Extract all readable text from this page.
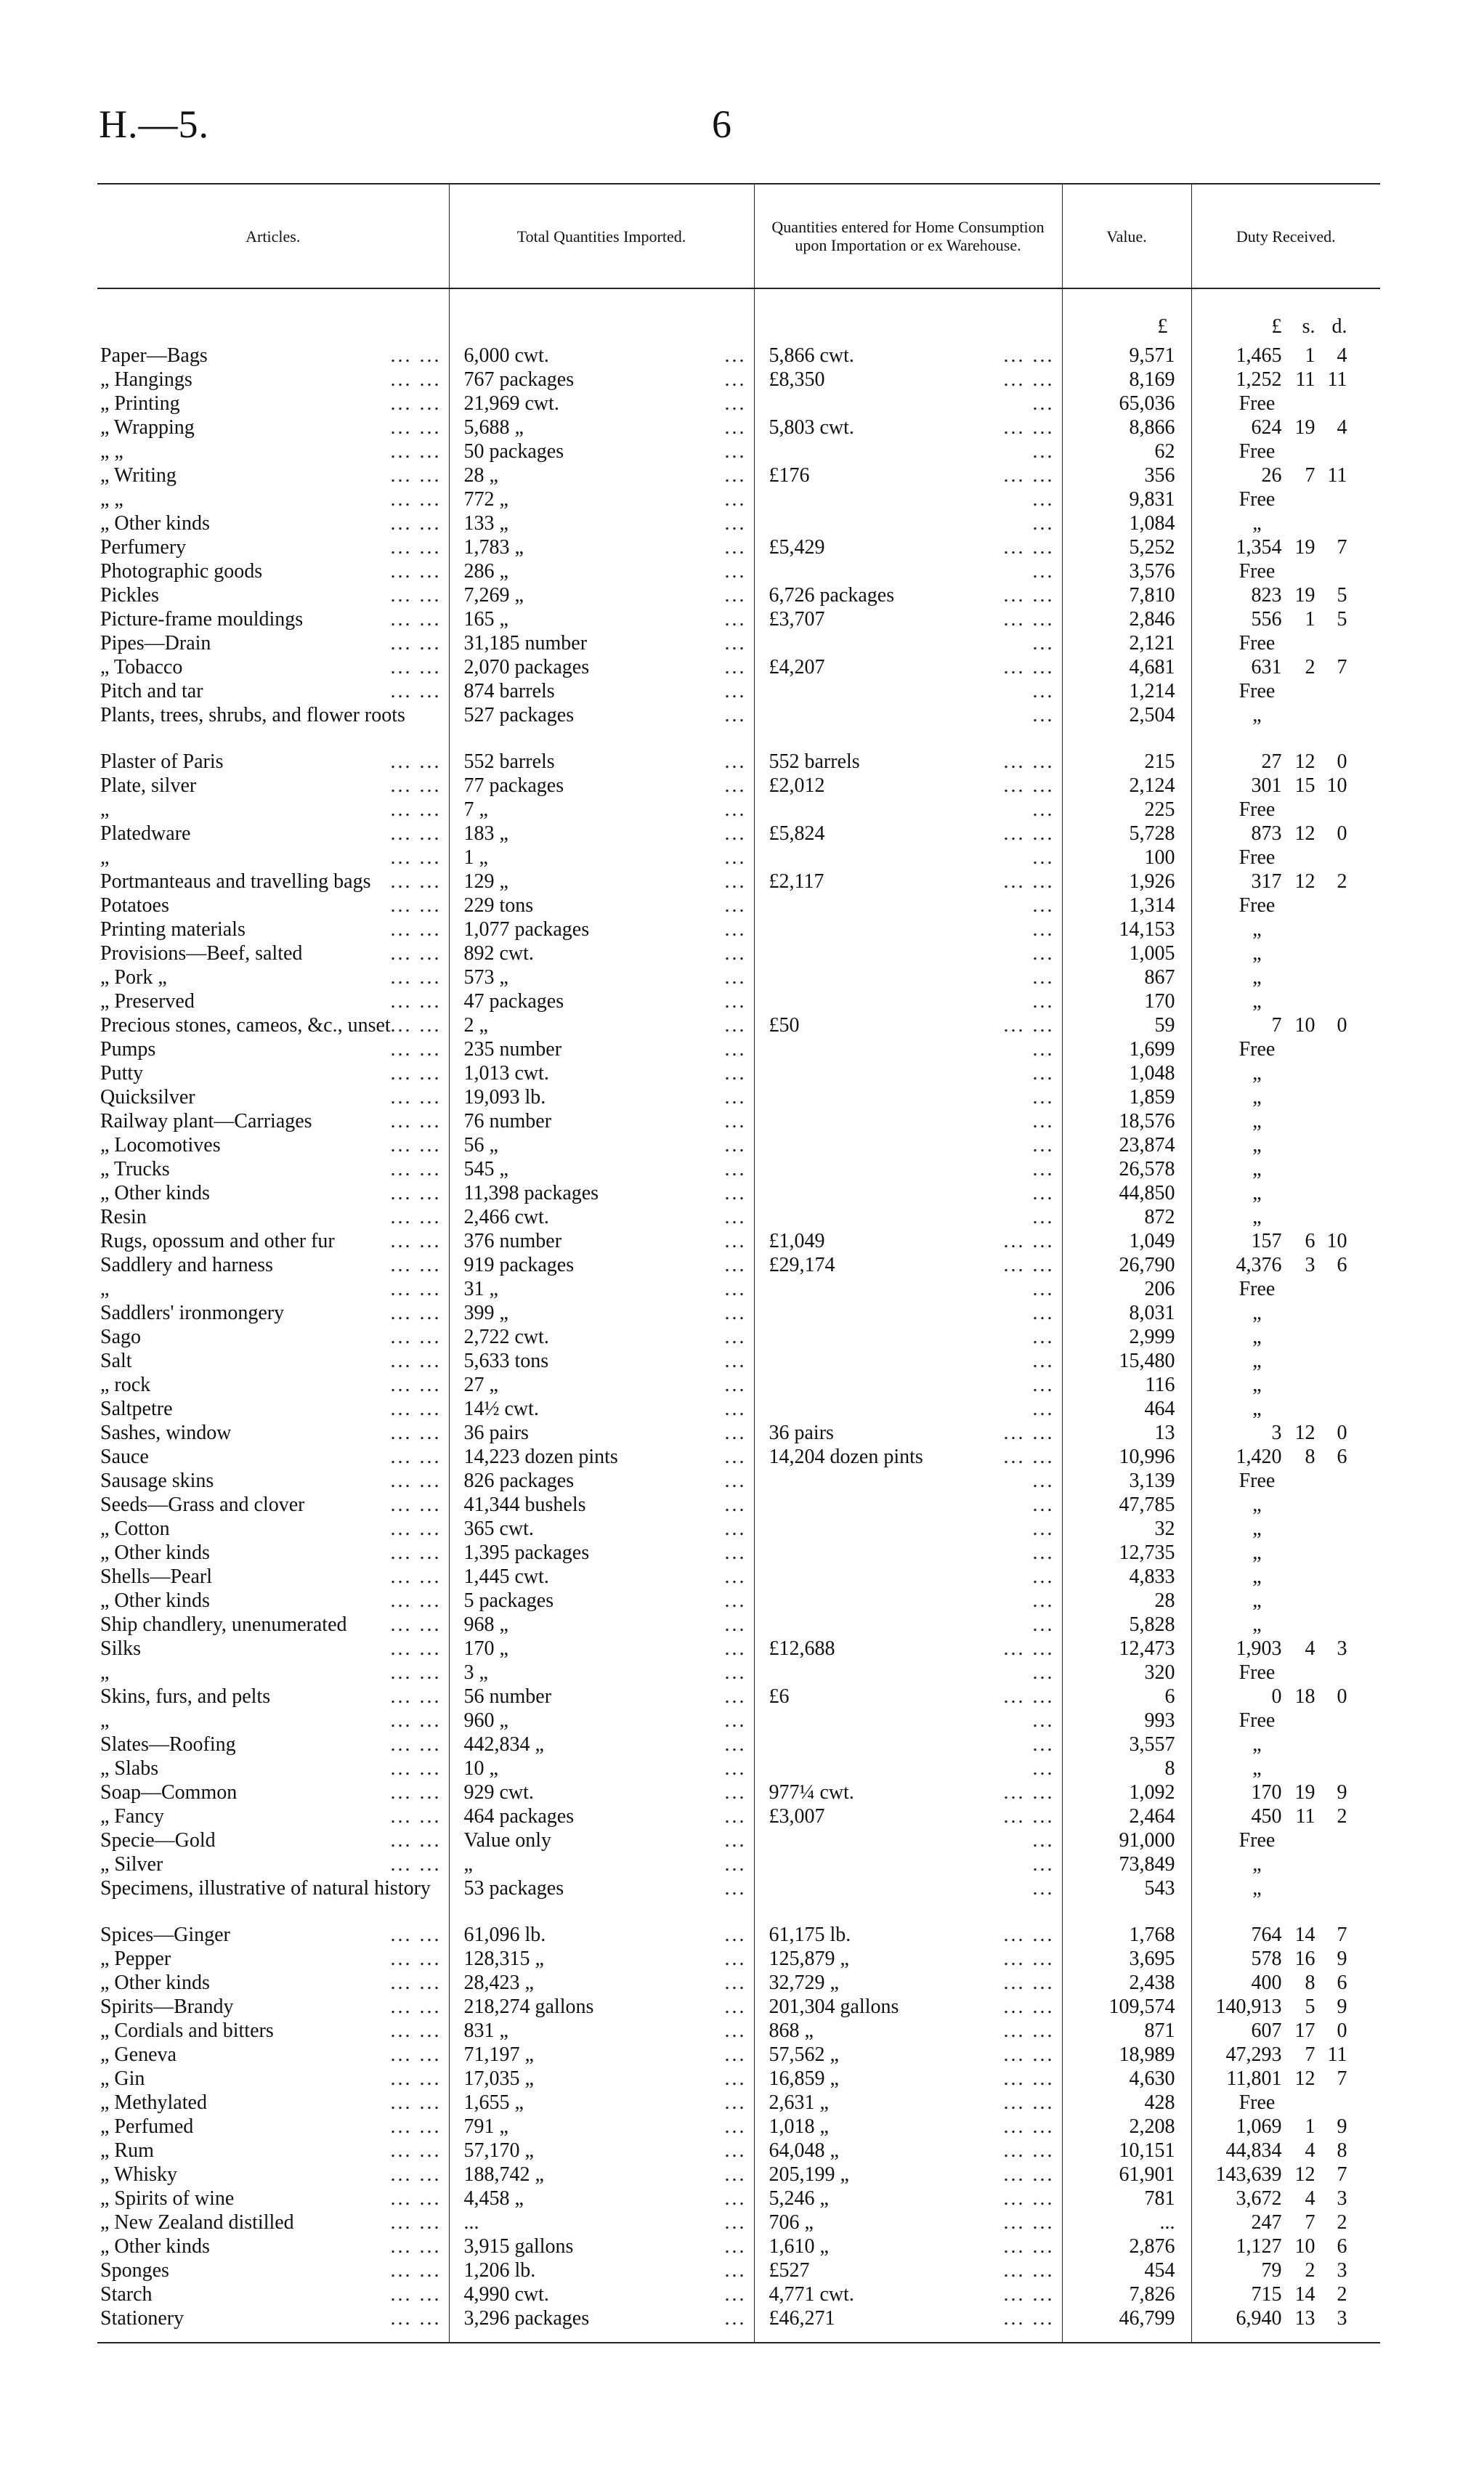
H.—5.	6
Articles.	Total Quantities Imported.	Quantities entered for Home Consumption upon Importation or ex Warehouse.	Value.	Duty Received.

			£	£ s. d.

Paper—Bags ... ...	6,000 cwt. ...	5,866 cwt. ... ...	9,571	1,465 1 4

„ Hangings ... ...	767 packages ...	£8,350 ... ...	8,169	1,252 11 11

„ Printing ... ...	21,969 cwt. ...	...	65,036	Free

„ Wrapping ... ...	5,688 „ ...	5,803 cwt. ... ...	8,866	624 19 4

„ „ ... ...	50 packages ...	...	62	Free

„ Writing ... ...	28 „ ...	£176 ... ...	356	26 7 11

„ „ ... ...	772 „ ...	...	9,831	Free

„ Other kinds ... ...	133 „ ...	...	1,084	„

Perfumery ... ...	1,783 „ ...	£5,429 ... ...	5,252	1,354 19 7

Photographic goods ... ...	286 „ ...	...	3,576	Free

Pickles ... ...	7,269 „ ...	6,726 packages ... ...	7,810	823 19 5

Picture-frame mouldings ... ...	165 „ ...	£3,707 ... ...	2,846	556 1 5

Pipes—Drain ... ...	31,185 number ...	...	2,121	Free

„ Tobacco ... ...	2,070 packages ...	£4,207 ... ...	4,681	631 2 7

Pitch and tar ... ...	874 barrels ...	...	1,214	Free

Plants, trees, shrubs, and flower roots	527 packages ...	...	2,504	„

Plaster of Paris ... ...	552 barrels ...	552 barrels ... ...	215	27 12 0

Plate, silver ... ...	77 packages ...	£2,012 ... ...	2,124	301 15 10

„ ... ...	7 „ ...	...	225	Free

Platedware ... ...	183 „ ...	£5,824 ... ...	5,728	873 12 0

„ ... ...	1 „ ...	...	100	Free

Portmanteaus and travelling bags ... ...	129 „ ...	£2,117 ... ...	1,926	317 12 2

Potatoes ... ...	229 tons ...	...	1,314	Free

Printing materials ... ...	1,077 packages ...	...	14,153	„

Provisions—Beef, salted ... ...	892 cwt. ...	...	1,005	„

„ Pork „ ... ...	573 „ ...	...	867	„

„ Preserved ... ...	47 packages ...	...	170	„

Precious stones, cameos, &c., unset ... ...	2 „ ...	£50 ... ...	59	7 10 0

Pumps ... ...	235 number ...	...	1,699	Free

Putty ... ...	1,013 cwt. ...	...	1,048	„

Quicksilver ... ...	19,093 lb. ...	...	1,859	„

Railway plant—Carriages ... ...	76 number ...	...	18,576	„

„ Locomotives ... ...	56 „ ...	...	23,874	„

„ Trucks ... ...	545 „ ...	...	26,578	„

„ Other kinds ... ...	11,398 packages ...	...	44,850	„

Resin ... ...	2,466 cwt. ...	...	872	„

Rugs, opossum and other fur ... ...	376 number ...	£1,049 ... ...	1,049	157 6 10

Saddlery and harness ... ...	919 packages ...	£29,174 ... ...	26,790	4,376 3 6

„ ... ...	31 „ ...	...	206	Free

Saddlers' ironmongery ... ...	399 „ ...	...	8,031	„

Sago ... ...	2,722 cwt. ...	...	2,999	„

Salt ... ...	5,633 tons ...	...	15,480	„

„ rock ... ...	27 „ ...	...	116	„

Saltpetre ... ...	14½ cwt. ...	...	464	„

Sashes, window ... ...	36 pairs ...	36 pairs ... ...	13	3 12 0

Sauce ... ...	14,223 dozen pints ...	14,204 dozen pints ... ...	10,996	1,420 8 6

Sausage skins ... ...	826 packages ...	...	3,139	Free

Seeds—Grass and clover ... ...	41,344 bushels ...	...	47,785	„

„ Cotton ... ...	365 cwt. ...	...	32	„

„ Other kinds ... ...	1,395 packages ...	...	12,735	„

Shells—Pearl ... ...	1,445 cwt. ...	...	4,833	„

„ Other kinds ... ...	5 packages ...	...	28	„

Ship chandlery, unenumerated ... ...	968 „ ...	...	5,828	„

Silks ... ...	170 „ ...	£12,688 ... ...	12,473	1,903 4 3

„ ... ...	3 „ ...	...	320	Free

Skins, furs, and pelts ... ...	56 number ...	£6 ... ...	6	0 18 0

„ ... ...	960 „ ...	...	993	Free

Slates—Roofing ... ...	442,834 „ ...	...	3,557	„

„ Slabs ... ...	10 „ ...	...	8	„

Soap—Common ... ...	929 cwt. ...	977¼ cwt. ... ...	1,092	170 19 9

„ Fancy ... ...	464 packages ...	£3,007 ... ...	2,464	450 11 2

Specie—Gold ... ...	Value only ...	...	91,000	Free

„ Silver ... ...	„ ...	...	73,849	„

Specimens, illustrative of natural history	53 packages ...	...	543	„

Spices—Ginger ... ...	61,096 lb. ...	61,175 lb. ... ...	1,768	764 14 7

„ Pepper ... ...	128,315 „ ...	125,879 „ ... ...	3,695	578 16 9

„ Other kinds ... ...	28,423 „ ...	32,729 „ ... ...	2,438	400 8 6

Spirits—Brandy ... ...	218,274 gallons ...	201,304 gallons ... ...	109,574	140,913 5 9

„ Cordials and bitters ... ...	831 „ ...	868 „ ... ...	871	607 17 0

„ Geneva ... ...	71,197 „ ...	57,562 „ ... ...	18,989	47,293 7 11

„ Gin ... ...	17,035 „ ...	16,859 „ ... ...	4,630	11,801 12 7

„ Methylated ... ...	1,655 „ ...	2,631 „ ... ...	428	Free

„ Perfumed ... ...	791 „ ...	1,018 „ ... ...	2,208	1,069 1 9

„ Rum ... ...	57,170 „ ...	64,048 „ ... ...	10,151	44,834 4 8

„ Whisky ... ...	188,742 „ ...	205,199 „ ... ...	61,901	143,639 12 7

„ Spirits of wine ... ...	4,458 „ ...	5,246 „ ... ...	781	3,672 4 3

„ New Zealand distilled ... ...	... ...	706 „ ... ...	...	247 7 2

„ Other kinds ... ...	3,915 gallons ...	1,610 „ ... ...	2,876	1,127 10 6

Sponges ... ...	1,206 lb. ...	£527 ... ...	454	79 2 3

Starch ... ...	4,990 cwt. ...	4,771 cwt. ... ...	7,826	715 14 2

Stationery ... ...	3,296 packages ...	£46,271 ... ...	46,799	6,940 13 3
